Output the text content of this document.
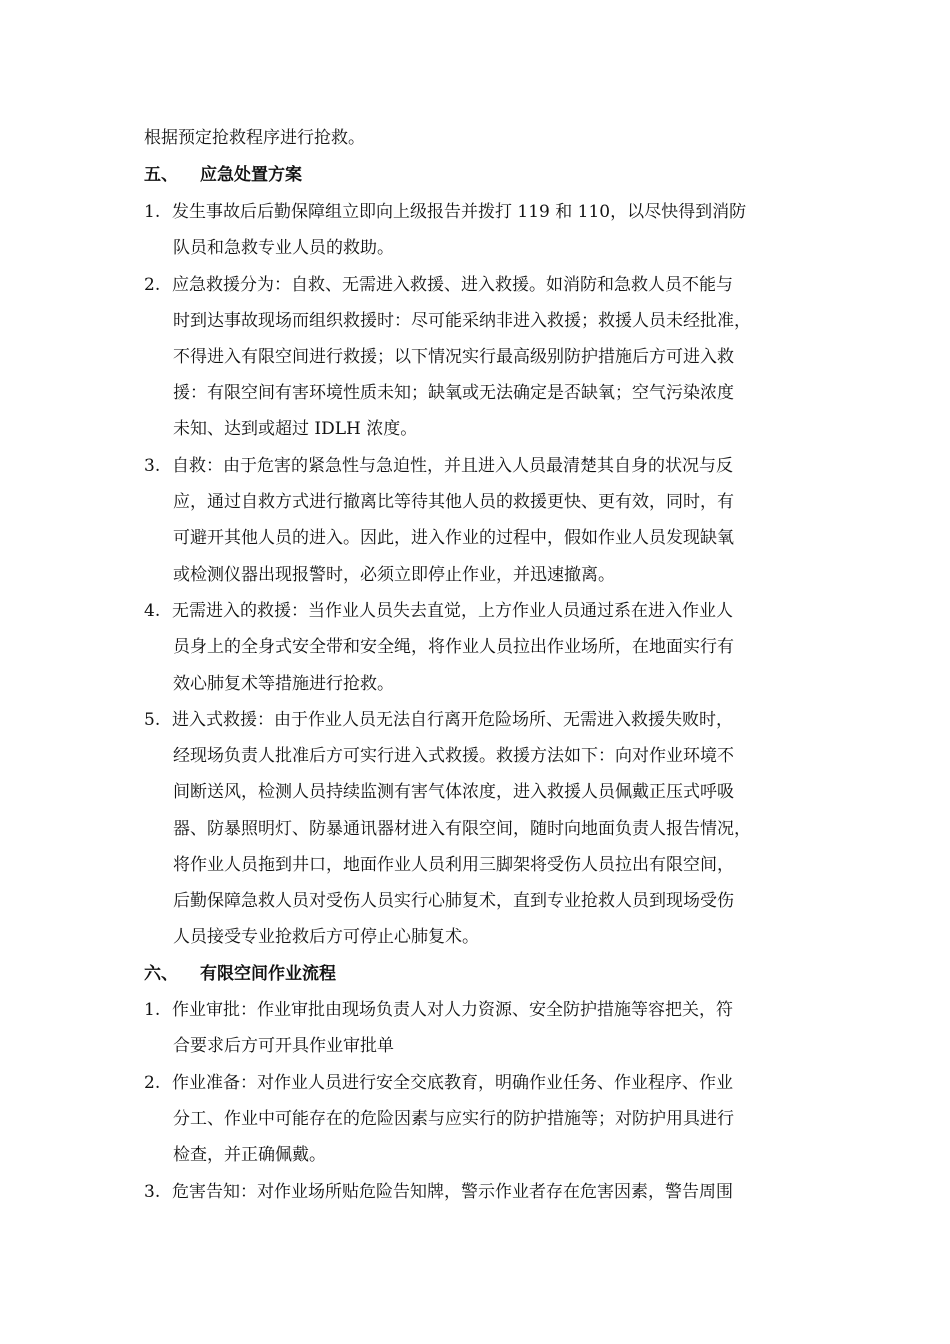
根据预定抢救程序进行抢救。
五、 应急处置方案
1. 发生事故后后勤保障组立即向上级报告并拨打 119 和 110，以尽快得到消防
队员和急救专业人员的救助。
2. 应急救援分为：自救、无需进入救援、进入救援。如消防和急救人员不能与
时到达事故现场而组织救援时：尽可能采纳非进入救援；救援人员未经批准，
不得进入有限空间进行救援；以下情况实行最高级别防护措施后方可进入救
援：有限空间有害环境性质未知；缺氧或无法确定是否缺氧；空气污染浓度
未知、达到或超过 IDLH 浓度。
3. 自救：由于危害的紧急性与急迫性，并且进入人员最清楚其自身的状况与反
应，通过自救方式进行撤离比等待其他人员的救援更快、更有效，同时，有
可避开其他人员的进入。因此，进入作业的过程中，假如作业人员发现缺氧
或检测仪器出现报警时，必须立即停止作业，并迅速撤离。
4. 无需进入的救援：当作业人员失去直觉，上方作业人员通过系在进入作业人
员身上的全身式安全带和安全绳，将作业人员拉出作业场所，在地面实行有
效心肺复术等措施进行抢救。
5. 进入式救援：由于作业人员无法自行离开危险场所、无需进入救援失败时，
经现场负责人批准后方可实行进入式救援。救援方法如下：向对作业环境不
间断送风，检测人员持续监测有害气体浓度，进入救援人员佩戴正压式呼吸
器、防暴照明灯、防暴通讯器材进入有限空间，随时向地面负责人报告情况，
将作业人员拖到井口，地面作业人员利用三脚架将受伤人员拉出有限空间，
后勤保障急救人员对受伤人员实行心肺复术，直到专业抢救人员到现场受伤
人员接受专业抢救后方可停止心肺复术。
六、 有限空间作业流程
1. 作业审批：作业审批由现场负责人对人力资源、安全防护措施等容把关，符
合要求后方可开具作业审批单
2. 作业准备：对作业人员进行安全交底教育，明确作业任务、作业程序、作业
分工、作业中可能存在的危险因素与应实行的防护措施等；对防护用具进行
检查，并正确佩戴。
3. 危害告知：对作业场所贴危险告知牌，警示作业者存在危害因素，警告周围
